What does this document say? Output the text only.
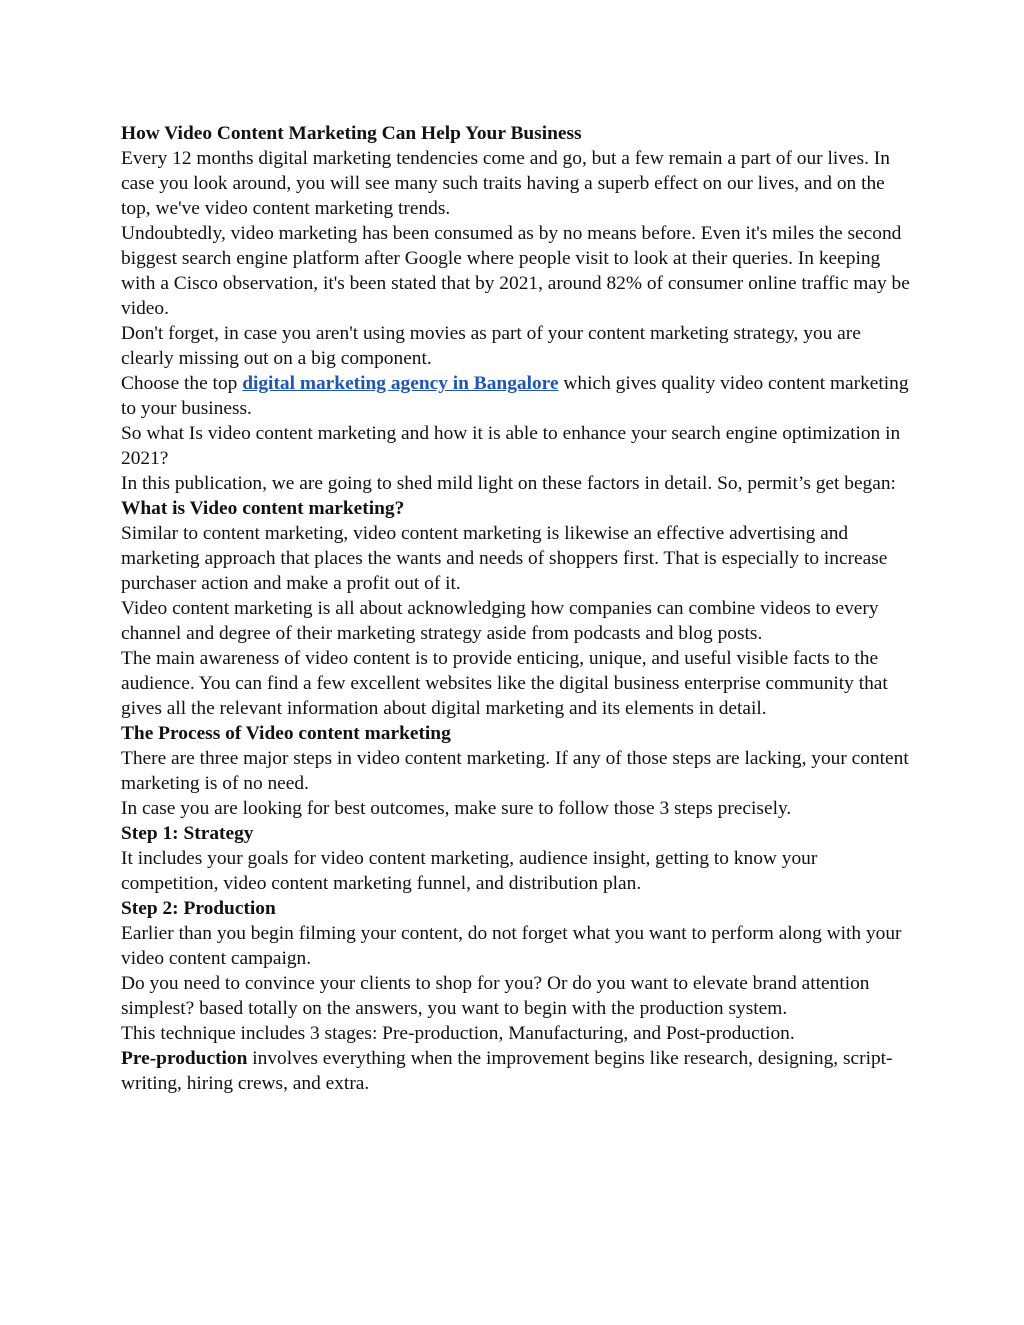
How Video Content Marketing Can Help Your Business

Every 12 months digital marketing tendencies come and go, but a few remain a part of our lives. In case you look around, you will see many such traits having a superb effect on our lives, and on the top, we've video content marketing trends.

Undoubtedly, video marketing has been consumed as by no means before. Even it's miles the second biggest search engine platform after Google where people visit to look at their queries. In keeping with a Cisco observation, it's been stated that by 2021, around 82% of consumer online traffic may be video.

Don't forget, in case you aren't using movies as part of your content marketing strategy, you are clearly missing out on a big component.

Choose the top digital marketing agency in Bangalore which gives quality video content marketing to your business.

So what Is video content marketing and how it is able to enhance your search engine optimization in 2021?

In this publication, we are going to shed mild light on these factors in detail. So, permit’s get began:

What is Video content marketing?

Similar to content marketing, video content marketing is likewise an effective advertising and marketing approach that places the wants and needs of shoppers first. That is especially to increase purchaser action and make a profit out of it.

Video content marketing is all about acknowledging how companies can combine videos to every channel and degree of their marketing strategy aside from podcasts and blog posts.

The main awareness of video content is to provide enticing, unique, and useful visible facts to the audience. You can find a few excellent websites like the digital business enterprise community that gives all the relevant information about digital marketing and its elements in detail.

The Process of Video content marketing

There are three major steps in video content marketing. If any of those steps are lacking, your content marketing is of no need.

In case you are looking for best outcomes, make sure to follow those 3 steps precisely.

Step 1: Strategy

It includes your goals for video content marketing, audience insight, getting to know your competition, video content marketing funnel, and distribution plan.

Step 2: Production

Earlier than you begin filming your content, do not forget what you want to perform along with your video content campaign.

Do you need to convince your clients to shop for you? Or do you want to elevate brand attention simplest? based totally on the answers, you want to begin with the production system.

This technique includes 3 stages: Pre-production, Manufacturing, and Post-production.

Pre-production involves everything when the improvement begins like research, designing, script-writing, hiring crews, and extra.
